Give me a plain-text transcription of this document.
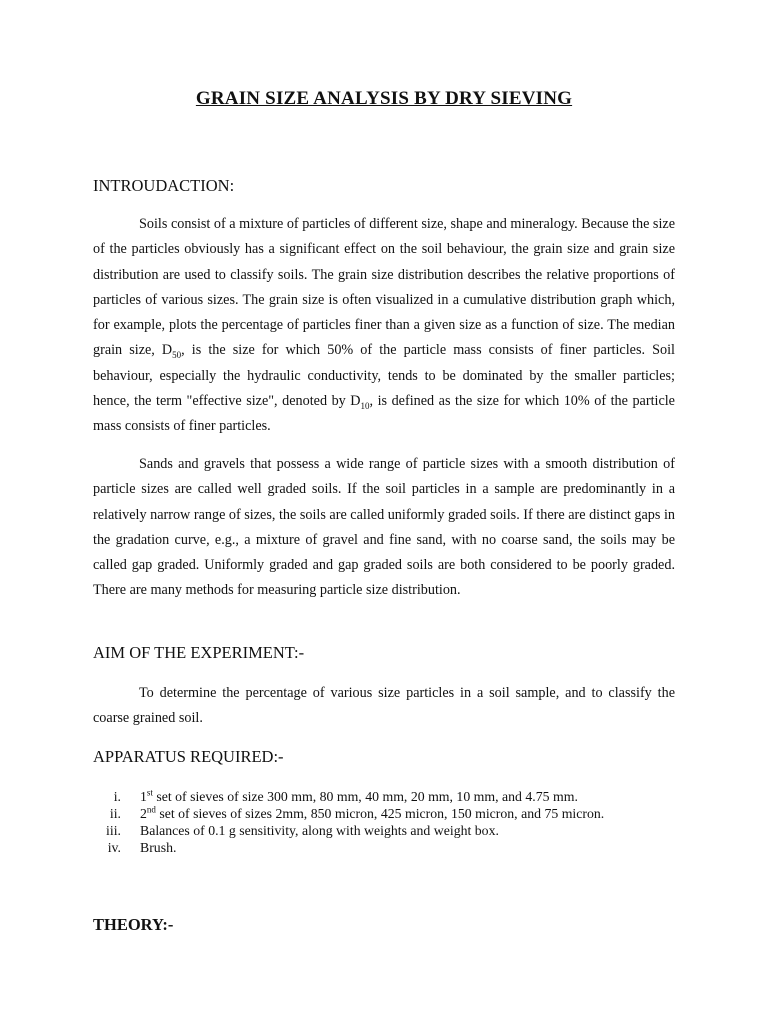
GRAIN SIZE ANALYSIS BY DRY SIEVING
INTROUDACTION:

Soils consist of a mixture of particles of different size, shape and mineralogy. Because the size of the particles obviously has a significant effect on the soil behaviour, the grain size and grain size distribution are used to classify soils. The grain size distribution describes the relative proportions of particles of various sizes. The grain size is often visualized in a cumulative distribution graph which, for example, plots the percentage of particles finer than a given size as a function of size. The median grain size, $D_{50}$, is the size for which 50% of the particle mass consists of finer particles. Soil behaviour, especially the hydraulic conductivity, tends to be dominated by the smaller particles; hence, the term "effective size", denoted by $D_{10}$, is defined as the size for which 10% of the particle mass consists of finer particles.

Sands and gravels that possess a wide range of particle sizes with a smooth distribution of particle sizes are called well graded soils. If the soil particles in a sample are predominantly in a relatively narrow range of sizes, the soils are called uniformly graded soils. If there are distinct gaps in the gradation curve, e.g., a mixture of gravel and fine sand, with no coarse sand, the soils may be called gap graded. Uniformly graded and gap graded soils are both considered to be poorly graded. There are many methods for measuring particle size distribution.

AIM OF THE EXPERIMENT:-

To determine the percentage of various size particles in a soil sample, and to classify the coarse grained soil.

APPARATUS REQUIRED:-
i. 1st set of sieves of size 300 mm, 80 mm, 40 mm, 20 mm, 10 mm, and 4.75 mm.
ii. 2nd set of sieves of sizes 2mm, 850 micron, 425 micron, 150 micron, and 75 micron.
iii. Balances of 0.1 g sensitivity, along with weights and weight box.
iv. Brush.
THEORY:-
